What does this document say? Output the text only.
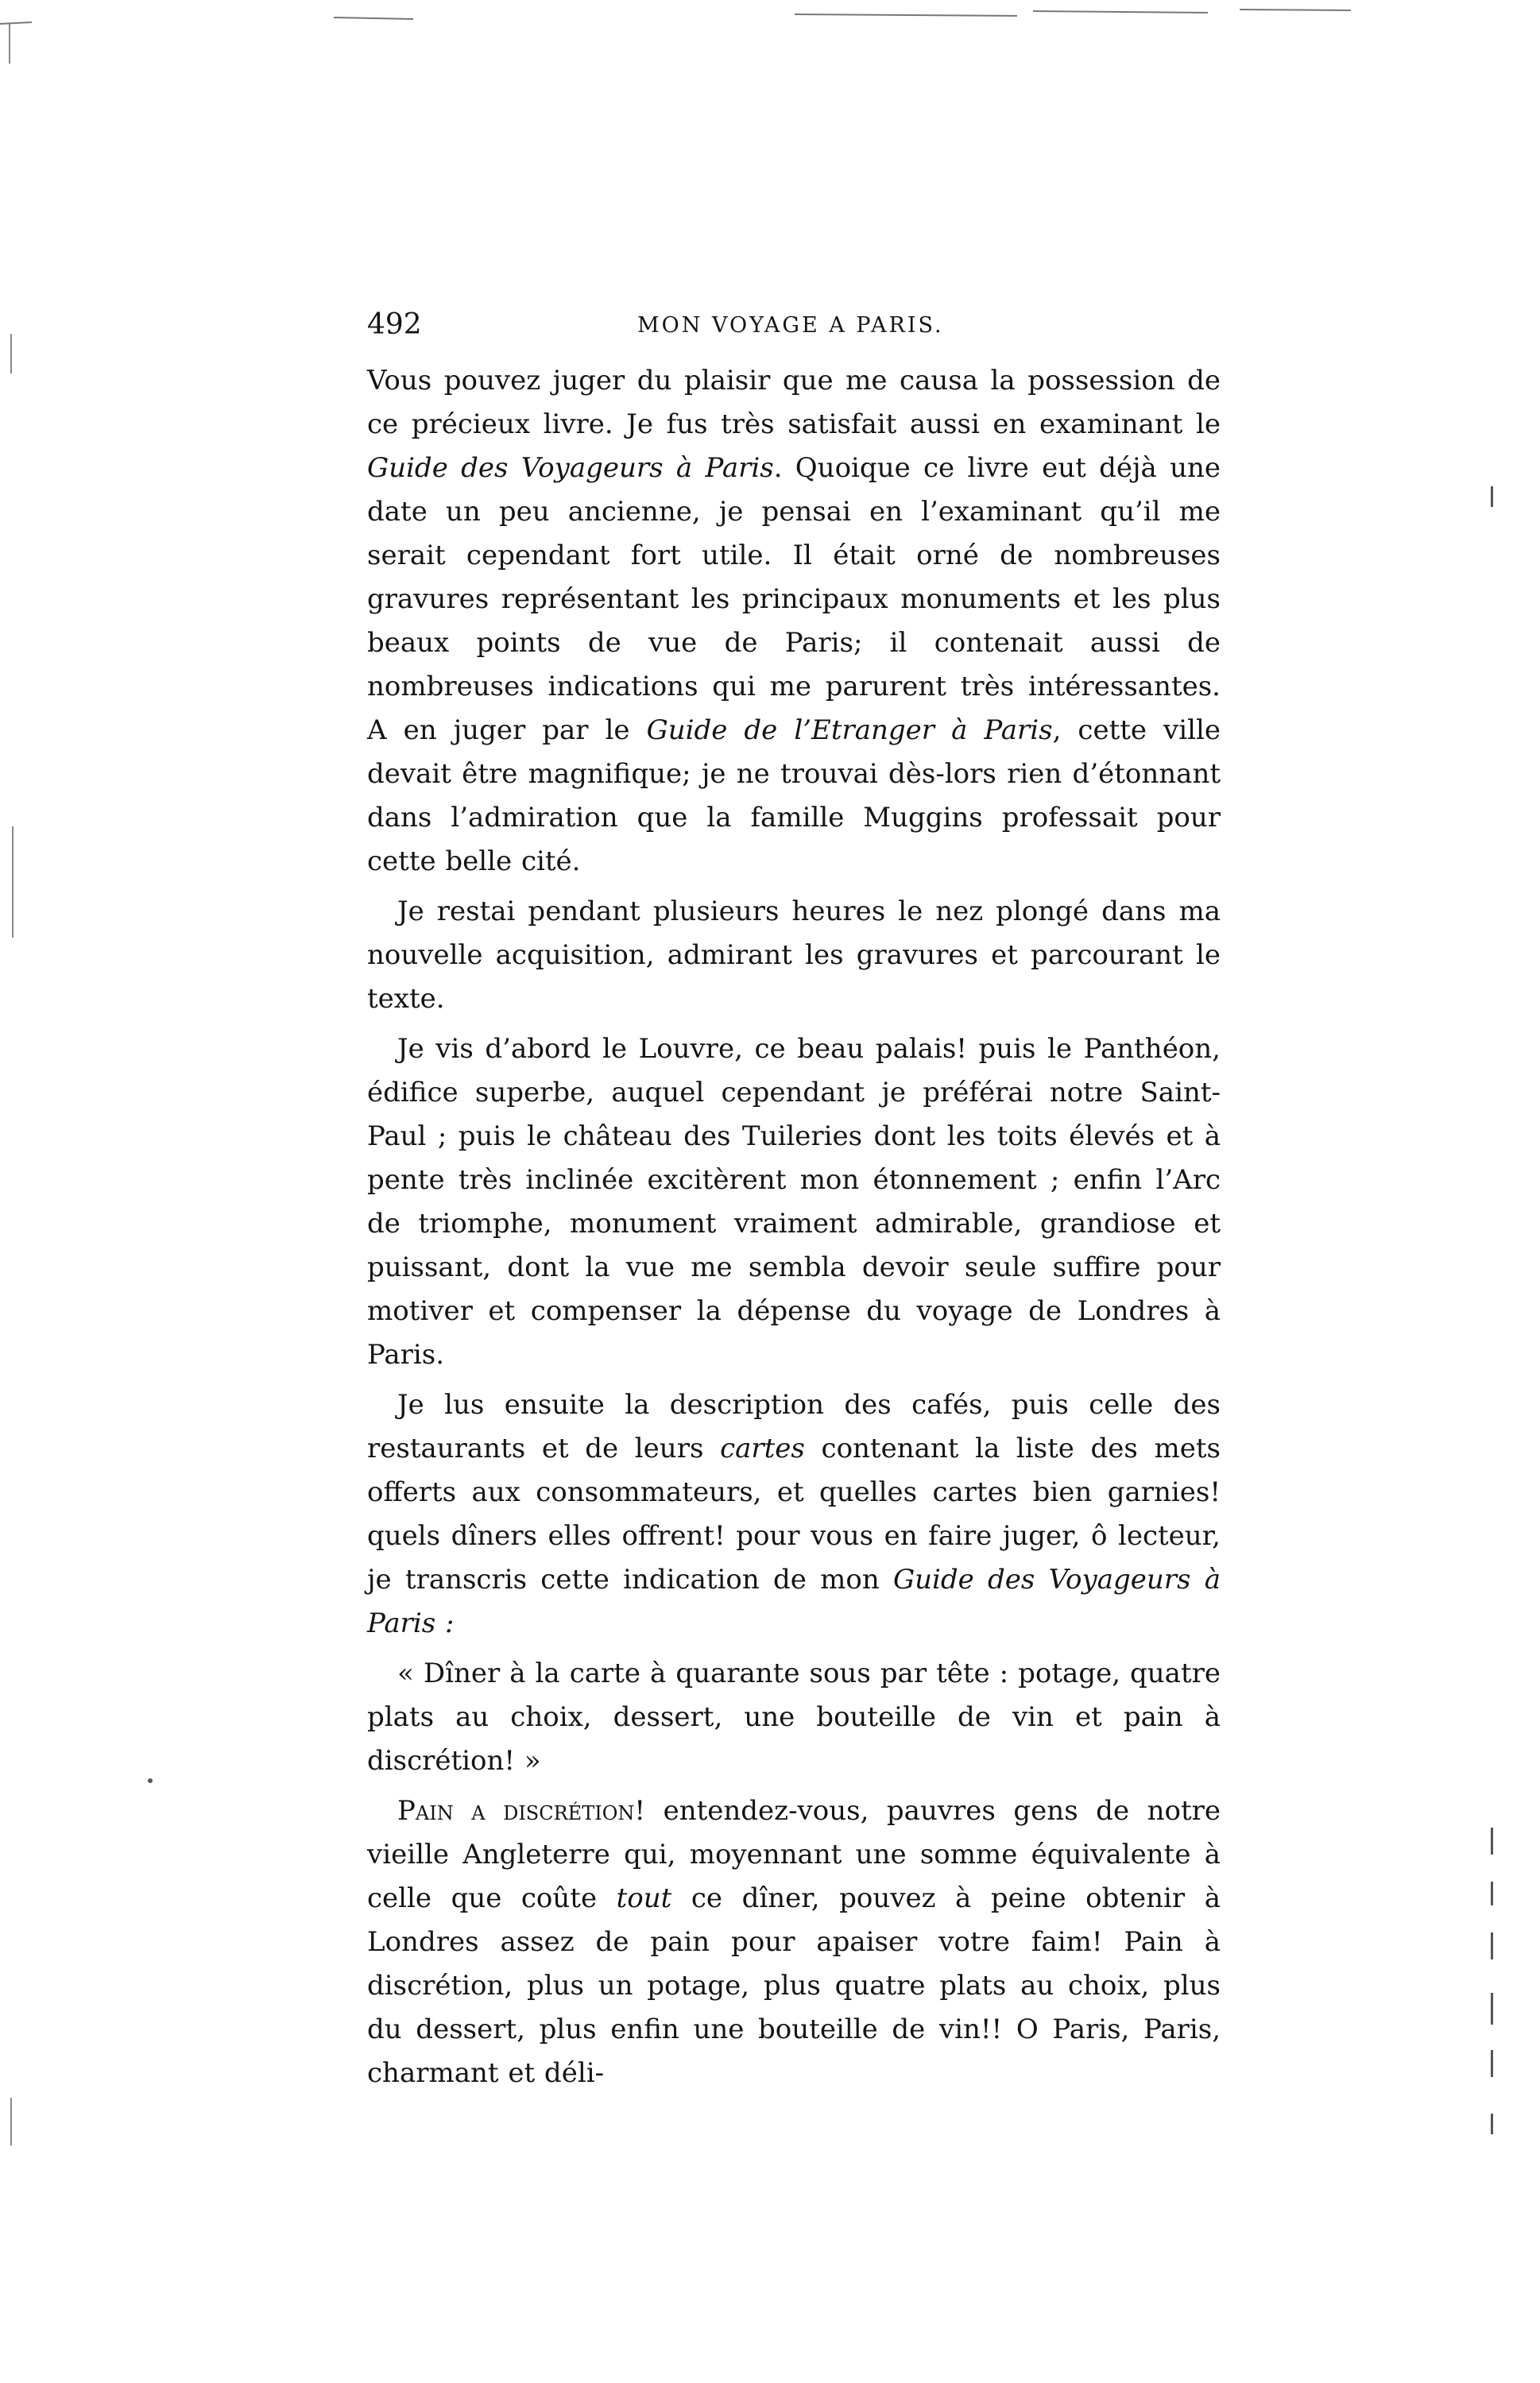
492	MON VOYAGE A PARIS.

Vous pouvez juger du plaisir que me causa la possession de ce précieux livre. Je fus très satisfait aussi en examinant le Guide des Voyageurs à Paris. Quoique ce livre eut déjà une date un peu ancienne, je pensai en l’examinant qu’il me serait cependant fort utile. Il était orné de nombreuses gravures représentant les principaux monuments et les plus beaux points de vue de Paris; il contenait aussi de nombreuses indications qui me parurent très intéressantes. A en juger par le Guide de l’Etranger à Paris, cette ville devait être magnifique; je ne trouvai dès-lors rien d’étonnant dans l’admiration que la famille Muggins professait pour cette belle cité.

Je restai pendant plusieurs heures le nez plongé dans ma nouvelle acquisition, admirant les gravures et parcourant le texte.

Je vis d’abord le Louvre, ce beau palais! puis le Panthéon, édifice superbe, auquel cependant je préférai notre Saint-Paul ; puis le château des Tuileries dont les toits élevés et à pente très inclinée excitèrent mon étonnement ; enfin l’Arc de triomphe, monument vraiment admirable, grandiose et puissant, dont la vue me sembla devoir seule suffire pour motiver et compenser la dépense du voyage de Londres à Paris.

Je lus ensuite la description des cafés, puis celle des restaurants et de leurs cartes contenant la liste des mets offerts aux consommateurs, et quelles cartes bien garnies! quels dîners elles offrent! pour vous en faire juger, ô lecteur, je transcris cette indication de mon Guide des Voyageurs à Paris :

« Dîner à la carte à quarante sous par tête : potage, quatre plats au choix, dessert, une bouteille de vin et pain à discrétion! »

Pain a discrétion! entendez-vous, pauvres gens de notre vieille Angleterre qui, moyennant une somme équivalente à celle que coûte tout ce dîner, pouvez à peine obtenir à Londres assez de pain pour apaiser votre faim! Pain à discrétion, plus un potage, plus quatre plats au choix, plus du dessert, plus enfin une bouteille de vin!! O Paris, Paris, charmant et déli-
